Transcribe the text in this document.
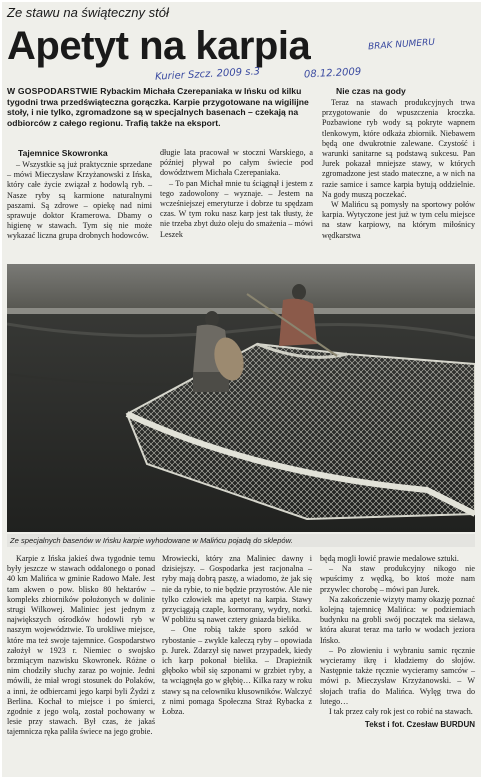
Ze stawu na świąteczny stół
Apetyt na karpia	BRAK NUMERU
Kurier Szcz. 2009 s.3	08.12.2009
W GOSPODARSTWIE Rybackim Michała Czerepaniaka w Ińsku od kilku tygodni trwa przedświąteczna gorączka. Karpie przygotowane na wigilijne stoły, i nie tylko, zgromadzone są w specjalnych basenach – czekają na odbiorców z całego regionu. Trafią także na eksport.
Tajemnice Skowronka
Nie czas na gody

– Wszystkie są już praktycznie sprzedane – mówi Mieczysław Krzyżanowski z Ińska, który całe życie związał z hodowlą ryb. – Nasze ryby są karmione naturalnymi paszami. Są zdrowe – opiekę nad nimi sprawuje doktor Kramerowa. Dbamy o higienę w stawach. Tym się nie może wykazać liczna grupa drobnych hodowców.

długie lata pracował w stoczni Warskiego, a później pływał po całym świecie pod dowództwem Michała Czerepaniaka.

– To pan Michał mnie tu ściągnął i jestem z tego zadowolony – wyznaje. – Jestem na wcześniejszej emeryturze i dobrze tu spędzam czas. W tym roku nasz karp jest tak tłusty, że nie trzeba zbyt dużo oleju do smażenia – mówi Leszek

Teraz na stawach produkcyjnych trwa przygotowanie do wpuszczenia kroczka. Pozbawione ryb wody są pokryte wapnem tlenkowym, które odkaża zbiornik. Niebawem będą one dwukrotnie zalewane. Czystość i warunki sanitarne są podstawą sukcesu. Pan Jurek pokazał mniejsze stawy, w których zgromadzone jest stado mateczne, a w nich na razie samice i samce karpia bytują oddzielnie. Na gody muszą poczekać.

W Malińcu są pomysły na sportowy połów karpia. Wytyczone jest już w tym celu miejsce na staw karpiowy, na którym miłośnicy wędkarstwa

Ze specjalnych basenów w Ińsku karpie wyhodowane w Malińcu pojadą do sklepów.

Karpie z Ińska jakieś dwa tygodnie temu były jeszcze w stawach oddalonego o ponad 40 km Malińca w gminie Radowo Małe. Jest tam akwen o pow. blisko 80 hektarów – kompleks zbiorników położonych w dolinie strugi Wilkowej. Maliniec jest jednym z największych ośrodków hodowli ryb w naszym województwie. To urokliwe miejsce, które ma też swoje tajemnice. Gospodarstwo założył w 1923 r. Niemiec o swojsko brzmiącym nazwisku Skowronek. Różne o nim chodziły słuchy zaraz po wojnie. Jedni mówili, że miał wrogi stosunek do Polaków, a inni, że odbiercami jego karpi byli Żydzi z Berlina. Kochał to miejsce i po śmierci, zgodnie z jego wolą, został pochowany w lesie przy stawach. Był czas, że jakaś tajemnicza ręka paliła świece na jego grobie.

Mrowiecki, który zna Maliniec dawny i dzisiejszy. – Gospodarka jest racjonalna – ryby mają dobrą paszę, a wiadomo, że jak się nie da rybie, to nie będzie przyrostów. Ale nie tylko człowiek ma apetyt na karpia. Stawy przyciągają czaple, kormorany, wydry, norki. W pobliżu są nawet cztery gniazda bielika.

– One robią także sporo szkód w rybostanie – zwykle kaleczą ryby – opowiada p. Jurek. Zdarzył się nawet przypadek, kiedy ich karp pokonał bielika. – Drapieżnik głęboko wbił się szponami w grzbiet ryby, a ta wciągnęła go w głębię… Kilka razy w roku stawy są na celowniku kłusowników. Walczyć z nimi pomaga Społeczna Straż Rybacka z Łobza.

będą mogli łowić prawie medalowe sztuki.

– Na staw produkcyjny nikogo nie wpuścimy z wędką, bo ktoś może nam przywlec chorobę – mówi pan Jurek.

Na zakończenie wizyty mamy okazję poznać kolejną tajemnicę Malińca: w podziemiach budynku na grobli swój początek ma sielawa, która akurat teraz ma tarło w wodach jeziora Ińsko.

– Po złowieniu i wybraniu samic ręcznie wycieramy ikrę i kładziemy do słojów. Następnie także ręcznie wycieramy samców – mówi p. Mieczysław Krzyżanowski. – W słojach trafia do Malińca. Wylęg trwa do lutego…

I tak przez cały rok jest co robić na stawach.

Tekst i fot. Czesław BURDUN
